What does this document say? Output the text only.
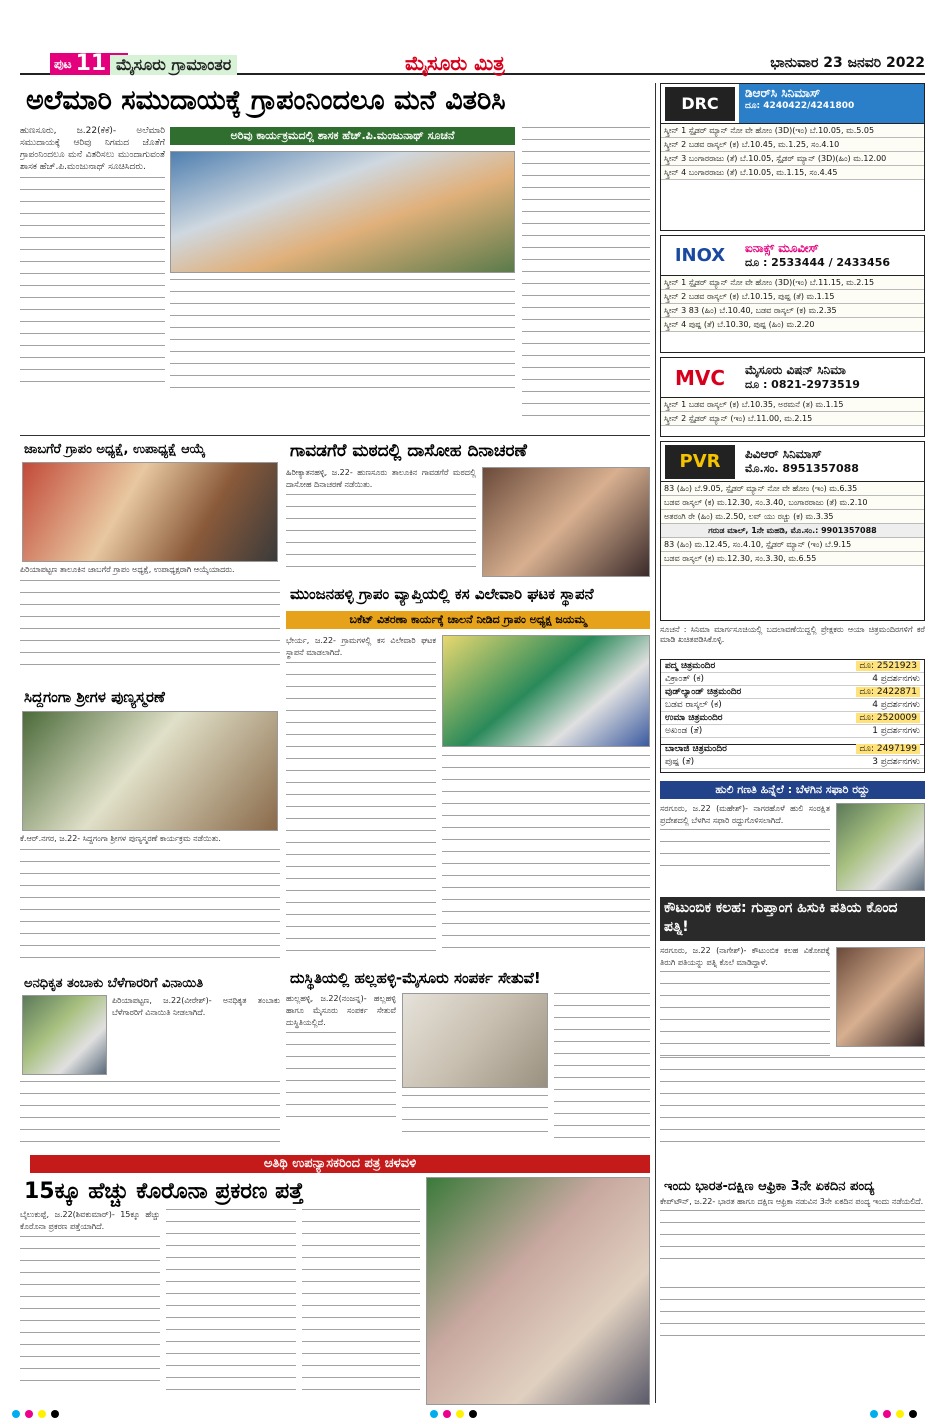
ಪುಟ 11 ಮೈಸೂರು ಗ್ರಾಮಾಂತರ	ಮೈಸೂರು ಮಿತ್ರ	ಭಾನುವಾರ 23 ಜನವರಿ 2022
ಅಲೆಮಾರಿ ಸಮುದಾಯಕ್ಕೆ ಗ್ರಾಪಂನಿಂದಲೂ ಮನೆ ವಿತರಿಸಿ
ಹುಣಸೂರು, ಜ.22(ಕೆಕೆ)- ಅಲೆಮಾರಿ ಸಮುದಾಯಕ್ಕೆ ಆರಿವು ನಿಗಮದ ಜೊತೆಗೆ ಗ್ರಾಪಂನಿಂದಲೂ ಮನೆ ವಿತರಿಸಲು ಮುಂದಾಗುವಂತೆ ಶಾಸಕ ಹೆಚ್.ಪಿ.ಮಂಜುನಾಥ್ ಸೂಚಿಸಿದರು.
ಅರಿವು ಕಾರ್ಯಕ್ರಮದಲ್ಲಿ ಶಾಸಕ ಹೆಚ್.ಪಿ.ಮಂಜುನಾಥ್ ಸೂಚನೆ
ಜಾಬಗೆರೆ ಗ್ರಾಪಂ ಅಧ್ಯಕ್ಷೆ, ಉಪಾಧ್ಯಕ್ಷೆ ಆಯ್ಕೆ
ಪಿರಿಯಾಪಟ್ಟಣ ತಾಲೂಕಿನ ಜಾಬಗೆರೆ ಗ್ರಾಪಂ ಅಧ್ಯಕ್ಷೆ, ಉಪಾಧ್ಯಕ್ಷರಾಗಿ ಆಯ್ಕೆಯಾದರು.
ಗಾವಡಗೆರೆ ಮಠದಲ್ಲಿ ದಾಸೋಹ ದಿನಾಚರಣೆ
ಹಿರೀಕ್ಯಾತನಹಳ್ಳಿ, ಜ.22- ಹುಣಸೂರು ತಾಲೂಕಿನ ಗಾವಡಗೆರೆ ಮಠದಲ್ಲಿ ದಾಸೋಹ ದಿನಾಚರಣೆ ನಡೆಯಿತು.
ಸಿದ್ದಗಂಗಾ ಶ್ರೀಗಳ ಪುಣ್ಯಸ್ಮರಣೆ
ಕೆ.ಆರ್.ನಗರ, ಜ.22- ಸಿದ್ದಗಂಗಾ ಶ್ರೀಗಳ ಪುಣ್ಯಸ್ಮರಣೆ ಕಾರ್ಯಕ್ರಮ ನಡೆಯಿತು.
ಮುಂಜನಹಳ್ಳಿ ಗ್ರಾಪಂ ವ್ಯಾಪ್ತಿಯಲ್ಲಿ ಕಸ ವಿಲೇವಾರಿ ಘಟಕ ಸ್ಥಾಪನೆ
ಬಕೆಟ್ ವಿತರಣಾ ಕಾರ್ಯಕ್ಕೆ ಚಾಲನೆ ನೀಡಿದ ಗ್ರಾಪಂ ಅಧ್ಯಕ್ಷ ಜಯಮ್ಮ
ಭೇರ್ಯ, ಜ.22- ಗ್ರಾಮಗಳಲ್ಲಿ ಕಸ ವಿಲೇವಾರಿ ಘಟಕ ಸ್ಥಾಪನೆ ಮಾಡಲಾಗಿದೆ.
ಅನಧಿಕೃತ ತಂಬಾಕು ಬೆಳೆಗಾರರಿಗೆ ವಿನಾಯಿತಿ
ಪಿರಿಯಾಪಟ್ಟಣ, ಜ.22(ವೀರೇಶ್)- ಅನಧಿಕೃತ ತಂಬಾಕು ಬೆಳೆಗಾರರಿಗೆ ವಿನಾಯಿತಿ ನೀಡಲಾಗಿದೆ.
ದುಸ್ಥಿತಿಯಲ್ಲಿ ಹಲ್ಲಹಳ್ಳಿ-ಮೈಸೂರು ಸಂಪರ್ಕ ಸೇತುವೆ!
ಹುಲ್ಲಹಳ್ಳಿ, ಜ.22(ನಂಜನ್ನ)- ಹಲ್ಲಹಳ್ಳಿ ಹಾಗೂ ಮೈಸೂರು ಸಂಪರ್ಕ ಸೇತುವೆ ದುಸ್ಥಿತಿಯಲ್ಲಿದೆ.
ಅತಿಥಿ ಉಪನ್ಯಾಸಕರಿಂದ ಪತ್ರ ಚಳವಳಿ
15ಕ್ಕೂ ಹೆಚ್ಚು ಕೊರೊನಾ ಪ್ರಕರಣ ಪತ್ತೆ
ಬೈಲುಕುಪ್ಪೆ, ಜ.22(ಶಿವಕುಮಾರ್)- 15ಕ್ಕೂ ಹೆಚ್ಚು ಕೊರೊನಾ ಪ್ರಕರಣ ಪತ್ತೆಯಾಗಿದೆ.
DRC
ಡಿಆರ್‌ಸಿ ಸಿನಿಮಾಸ್
ದೂ: 4240422/4241800
ಸ್ಕ್ರೀನ್ 1 ಸ್ಪೈಡರ್ ಮ್ಯಾನ್ ನೋ ವೇ ಹೋಂ (3D)(ಇಂ) ಬೆ.10.05, ಮ.5.05
ಸ್ಕ್ರೀನ್ 2 ಬಡವ ರಾಸ್ಕಲ್ (ಕ) ಬೆ.10.45, ಮ.1.25, ಸಂ.4.10
ಸ್ಕ್ರೀನ್ 3 ಬಂಗಾರರಾಜು (ತೆ) ಬೆ.10.05, ಸ್ಪೈಡರ್ ಮ್ಯಾನ್ (3D)(ಹಿಂ) ಮ.12.00
ಸ್ಕ್ರೀನ್ 4 ಬಂಗಾರರಾಜು (ತೆ) ಬೆ.10.05, ಮ.1.15, ಸಂ.4.45
INOX	ಐನಾಕ್ಸ್ ಮೂವೀಸ್
ದೂ : 2533444 / 2433456
ಸ್ಕ್ರೀನ್ 1 ಸ್ಪೈಡರ್ ಮ್ಯಾನ್ ನೋ ವೇ ಹೋಂ (3D)(ಇಂ) ಬೆ.11.15, ಮ.2.15
ಸ್ಕ್ರೀನ್ 2 ಬಡವ ರಾಸ್ಕಲ್ (ಕ) ಬೆ.10.15, ಪುಷ್ಪ (ತೆ) ಮ.1.15
ಸ್ಕ್ರೀನ್ 3 83 (ಹಿಂ) ಬೆ.10.40, ಬಡವ ರಾಸ್ಕಲ್ (ಕ) ಮ.2.35
ಸ್ಕ್ರೀನ್ 4 ಪುಷ್ಪ (ತೆ) ಬೆ.10.30, ಪುಷ್ಪ (ಹಿಂ) ಮ.2.20
MVC	ಮೈಸೂರು ವಿಷನ್ ಸಿನಿಮಾ
ದೂ : 0821-2973519
ಸ್ಕ್ರೀನ್ 1 ಬಡವ ರಾಸ್ಕಲ್ (ಕ) ಬೆ.10.35, ಅರಮನೆ (ತ) ಮ.1.15
ಸ್ಕ್ರೀನ್ 2 ಸ್ಪೈಡರ್ ಮ್ಯಾನ್ (ಇಂ) ಬೆ.11.00, ಮ.2.15
PVR	ಪಿವಿಆರ್ ಸಿನಿಮಾಸ್
ಮೊ.ಸಂ. 8951357088
83 (ಹಿಂ) ಬೆ.9.05, ಸ್ಪೈಡರ್ ಮ್ಯಾನ್ ನೋ ವೇ ಹೋಂ (ಇಂ) ಮ.6.35
ಬಡವ ರಾಸ್ಕಲ್ (ಕ) ಮ.12.30, ಸಂ.3.40, ಬಂಗಾರರಾಜು (ತೆ) ಮ.2.10
ಅತರಂಗಿ ರೇ (ಹಿಂ) ಮ.2.50, ಲವ್ ಯು ರಚ್ಚು (ಕ) ಮ.3.35
ಗರುಡ ಮಾಲ್, 1ನೇ ಮಹಡಿ, ಮೊ.ಸಂ.: 9901357088
83 (ಹಿಂ) ಮ.12.45, ಸಂ.4.10, ಸ್ಪೈಡರ್ ಮ್ಯಾನ್ (ಇಂ) ಬೆ.9.15
ಬಡವ ರಾಸ್ಕಲ್ (ಕ) ಮ.12.30, ಸಂ.3.30, ಮ.6.55
ಸೂಚನೆ : ಸಿನಿಮಾ ಮಾರ್ಗಸೂಚಿಯಲ್ಲಿ ಬದಲಾವಣೆಯಿದ್ದಲ್ಲಿ ಪ್ರೇಕ್ಷಕರು ಆಯಾ ಚಿತ್ರಮಂದಿರಗಳಿಗೆ ಕರೆ ಮಾಡಿ ಖಚಿತಪಡಿಸಿಕೊಳ್ಳಿ.
ಪದ್ಮ ಚಿತ್ರಮಂದಿರ	ದೂ: 2521923
ವಿಕ್ರಾಂತ್ (ಕ)	4 ಪ್ರದರ್ಶನಗಳು
ವುಡ್‌ಲ್ಯಾಂಡ್ ಚಿತ್ರಮಂದಿರ	ದೂ: 2422871
ಬಡವ ರಾಸ್ಕಲ್ (ಕ)	4 ಪ್ರದರ್ಶನಗಳು
ಉಮಾ ಚಿತ್ರಮಂದಿರ	ದೂ: 2520009
ಅಖಂಡ (ತೆ)	1 ಪ್ರದರ್ಶನಗಳು
ಬಾಲಾಜಿ ಚಿತ್ರಮಂದಿರ	ದೂ: 2497199
ಪುಷ್ಪ (ತೆ)	3 ಪ್ರದರ್ಶನಗಳು
ಹುಲಿ ಗಣತಿ ಹಿನ್ನೆಲೆ : ಬೆಳಗಿನ ಸಫಾರಿ ರದ್ದು
ಸರಗೂರು, ಜ.22 (ಮಹೇಶ್)- ನಾಗರಹೊಳೆ ಹುಲಿ ಸಂರಕ್ಷಿತ ಪ್ರದೇಶದಲ್ಲಿ ಬೆಳಗಿನ ಸಫಾರಿ ರದ್ದುಗೊಳಿಸಲಾಗಿದೆ.
ಕೌಟುಂಬಿಕ ಕಲಹ: ಗುಪ್ತಾಂಗ ಹಿಸುಕಿ ಪತಿಯ ಕೊಂದ ಪತ್ನಿ!
ಸರಗೂರು, ಜ.22 (ನಾಗೇಶ್)- ಕೌಟುಂಬಿಕ ಕಲಹ ವಿಕೋಪಕ್ಕೆ ತಿರುಗಿ ಪತಿಯನ್ನು ಪತ್ನಿ ಕೊಲೆ ಮಾಡಿದ್ದಾಳೆ.
ಇಂದು ಭಾರತ-ದಕ್ಷಿಣ ಆಫ್ರಿಕಾ 3ನೇ ಏಕದಿನ ಪಂದ್ಯ
ಕೇಪ್‌ಟೌನ್, ಜ.22- ಭಾರತ ಹಾಗೂ ದಕ್ಷಿಣ ಆಫ್ರಿಕಾ ನಡುವಿನ 3ನೇ ಏಕದಿನ ಪಂದ್ಯ ಇಂದು ನಡೆಯಲಿದೆ.
